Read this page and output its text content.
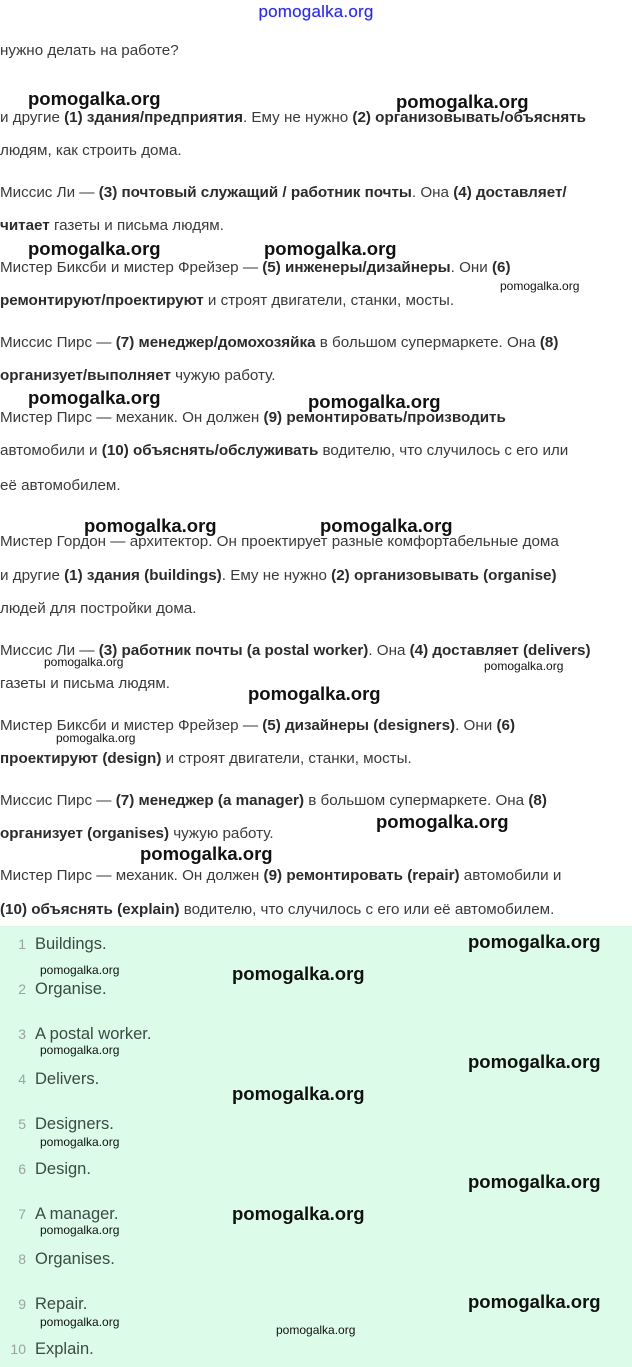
pomogalka.org

нужно делать на работе?

и другие (1) здания/предприятия. Ему не нужно (2) организовывать/объяснять

людям, как строить дома.

Миссис Ли — (3) почтовый служащий / работник почты. Она (4) доставляет/

читает газеты и письма людям.

Мистер Биксби и мистер Фрейзер — (5) инженеры/дизайнеры. Они (6)

ремонтируют/проектируют и строят двигатели, станки, мосты.

Миссис Пирс — (7) менеджер/домохозяйка в большом супермаркете. Она (8)

организует/выполняет чужую работу.

Мистер Пирс — механик. Он должен (9) ремонтировать/производить

автомобили и (10) объяснять/обслуживать водителю, что случилось с его или

её автомобилем.

Мистер Гордон — архитектор. Он проектирует разные комфортабельные дома

и другие (1) здания (buildings). Ему не нужно (2) организовывать (organise)

людей для постройки дома.

Миссис Ли — (3) работник почты (a postal worker). Она (4) доставляет (delivers)

газеты и письма людям.

Мистер Биксби и мистер Фрейзер — (5) дизайнеры (designers). Они (6)

проектируют (design) и строят двигатели, станки, мосты.

Миссис Пирс — (7) менеджер (a manager) в большом супермаркете. Она (8)

организует (organises) чужую работу.

Мистер Пирс — механик. Он должен (9) ремонтировать (repair) автомобили и

(10) объяснять (explain) водителю, что случилось с его или её автомобилем.

1 Buildings.
2 Organise.
3 A postal worker.
4 Delivers.
5 Designers.
6 Design.
7 A manager.
8 Organises.
9 Repair.
10 Explain.
pomogalka.org	pomogalka.org
pomogalka.org	pomogalka.org
pomogalka.org
pomogalka.org	pomogalka.org
pomogalka.org	pomogalka.org
pomogalka.org	pomogalka.org
pomogalka.org
pomogalka.org
pomogalka.org
pomogalka.org
pomogalka.org
pomogalka.org	pomogalka.org
pomogalka.org
pomogalka.org
pomogalka.org
pomogalka.org
pomogalka.org
pomogalka.org
pomogalka.org
pomogalka.org
pomogalka.org
pomogalka.org
